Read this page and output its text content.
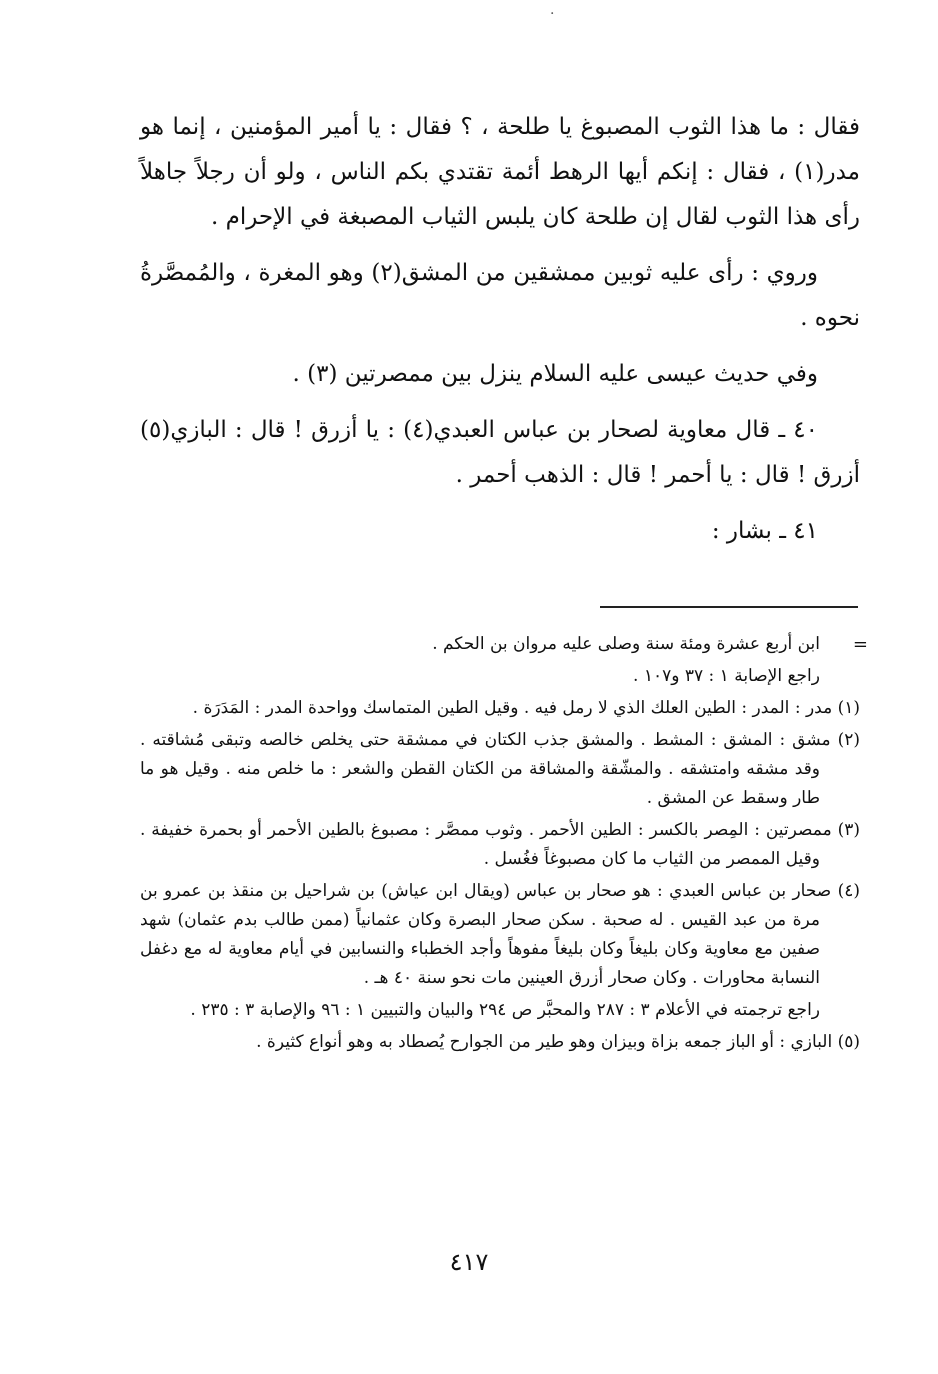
·

فقال : ما هذا الثوب المصبوغ يا طلحة ، ؟ فقال : يا أمير المؤمنين ، إنما هو مدر(١) ، فقال : إنكم أيها الرهط أئمة تقتدي بكم الناس ، ولو أن رجلاً جاهلاً رأى هذا الثوب لقال إن طلحة كان يلبس الثياب المصبغة في الإحرام .

وروي : رأى عليه ثوبين ممشقين من المشق(٢) وهو المغرة ، والمُمصَّرةُ نحوه .

وفي حديث عيسى عليه السلام ينزل بين ممصرتين (٣) .

٤٠ ـ قال معاوية لصحار بن عباس العبدي(٤) : يا أزرق ! قال : البازي(٥) أزرق ! قال : يا أحمر ! قال : الذهب أحمر .

٤١ ـ بشار :

=

ابن أربع عشرة ومئة سنة وصلى عليه مروان بن الحكم .

راجع الإصابة ١ : ٣٧ و١٠٧ .

(١) مدر : المدر : الطين العلك الذي لا رمل فيه . وقيل الطين المتماسك وواحدة المدر : المَدَرَة .

(٢) مشق : المشق : المشط . والمشق جذب الكتان في ممشقة حتى يخلص خالصه وتبقى مُشاقته . وقد مشقه وامتشقه . والمشّقة والمشاقة من الكتان القطن والشعر : ما خلص منه . وقيل هو ما طار وسقط عن المشق .

(٣) ممصرتين : المِصر بالكسر : الطين الأحمر . وثوب ممصَّر : مصبوغ بالطين الأحمر أو بحمرة خفيفة . وقيل الممصر من الثياب ما كان مصبوغاً فغُسل .

(٤) صحار بن عباس العبدي : هو صحار بن عباس (ويقال ابن عياش) بن شراحيل بن منقذ بن عمرو بن مرة من عبد القيس . له صحبة . سكن صحار البصرة وكان عثمانياً (ممن طالب بدم عثمان) شهد صفين مع معاوية وكان بليغاً وكان بليغاً مفوهاً وأجد الخطباء والنسابين في أيام معاوية له مع دغفل النسابة محاورات . وكان صحار أزرق العينين مات نحو سنة ٤٠ هـ .

راجع ترجمته في الأعلام ٣ : ٢٨٧ والمحبَّر ص ٢٩٤ والبيان والتبيين ١ : ٩٦ والإصابة ٣ : ٢٣٥ .

(٥) البازي : أو الباز جمعه بزاة وبيزان وهو طير من الجوارح يُصطاد به وهو أنواع كثيرة .

٤١٧
